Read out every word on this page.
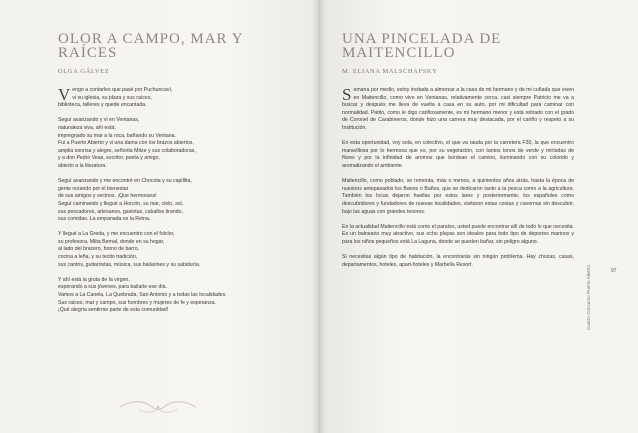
OLOR A CAMPO, MAR Y
RAÍCES
OLGA GÁLVEZ

V engo a contarles que pasé por Puchuncaví,
vi su iglesia, su plaza y sus raíces,
biblioteca, talleres y quede encantada.

Seguí avanzando y vi en Ventanas,
naturaleza viva, ahí está;
impregnado su mar a la roca, bañando su Ventana.
Fui a Puerto Abierto y vi una dama con los brazos abiertos,
amplia sonrisa y alegre, señorita Mitze y sus colaboradoras,
y a don Pedro Veas, escritor, poeta y amigo,
abierto a la literatura.

Seguí avanzando y me encontré en Chocota y su capillita,
gente rezando por el bienestar
de sus amigos y vecinos. ¡Que hermosura!
Seguí caminando y llegué a Horcón, su mar, cielo, sol,
sus pescadores, artesanos, gaviotas, caballos tirando,
sus comidas. La empanada es la Reina.

Y llegué a La Greda, y me encuentro con el folclor,
su profesora, Milta Bernal, donde en su hogar,
al lado del bracero, horno de barro,
cocina a leña, y su tecito tradición,
sus cantos, guitarristas, música, sus bailarines y su sabiduría.

Y ahí está la gruta de la virgen,
esperando a sus jóvenes, para bailarle ese día.
Vamos a La Canela, La Quebrada, San Antonio y a todas las localidades.
Sus raíces, mar y campo, sus hombres y mujeres de fe y esperanza.
¡Qué alegría sentirme parte de esta comunidad!

UNA PINCELADA DE
MAITENCILLO
M. ELIANA MALSCHAFSKY

S emana por medio, estoy invitada a almorzar a la casa de mi hermano y de mi cuñada que viven en Maitencillo, como vivo en Ventanas, relativamente cerca, casi siempre Patricio me va a buscar y después me lleva de vuelta a casa en su auto, por mi dificultad para caminar con normalidad. Patito, como le digo cariñosamente, es mi hermano menor y está retirado con el grado de Coronel de Carabineros, donde hizo una carrera muy destacada, por el cariño y respeto a su Institución.

En esta oportunidad, voy sola, en colectivo, el que va rauda por la carretera F30, la que encuentro maravillosa por lo hermosa que es, por su vegetación, con tantos tonos de verde y miríadas de flores y por la infinidad de aromos que bordean el camino, iluminando con su colorido y aromatizando el ambiente.

Maitencillo, como poblado, se remonta, más o menos, a quinientos años atrás, hasta la época de nuestros antepasados los Banos o Baños, que se dedicaron tanto a la pesca como a la agricultura. También los Incas dejaron huellas por estos lares y posteriormente, los españoles como descubridores y fundadores de nuevas localidades, visitaron estas costas y cavernas sin descubrir, bajo las aguas con grandes tesoros.

En la actualidad Maitencillo está como el paraíso, usted puede encontrar allí de todo lo que necesita. Es un balneario muy atractivo, sus ocho playas son ideales para todo tipo de deportes marinos y para los niños pequeños está La Laguna, donde se pueden bañar, sin peligro alguno.

Si necesitas algún tipo de habitación, la encontrarás sin ningún problema. Hay chozas, casas, departamentos, hoteles, apart-hoteles y Marbella Resort.

97
Cuarto Concurso Puerto Abierto
